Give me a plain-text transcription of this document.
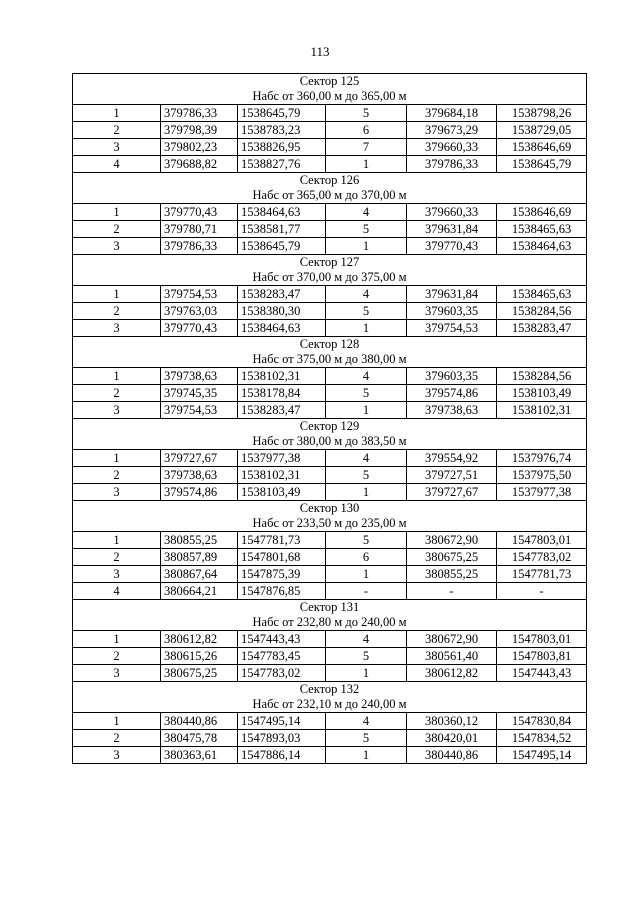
113
Сектор 125
Набс от 360,00 м до 365,00 м					

1	379786,33	1538645,79	5	379684,18	1538798,26
2	379798,39	1538783,23	6	379673,29	1538729,05
3	379802,23	1538826,95	7	379660,33	1538646,69
4	379688,82	1538827,76	1	379786,33	1538645,79

Сектор 126
Набс от 365,00 м до 370,00 м					

1	379770,43	1538464,63	4	379660,33	1538646,69
2	379780,71	1538581,77	5	379631,84	1538465,63
3	379786,33	1538645,79	1	379770,43	1538464,63

Сектор 127
Набс от 370,00 м до 375,00 м					

1	379754,53	1538283,47	4	379631,84	1538465,63
2	379763,03	1538380,30	5	379603,35	1538284,56
3	379770,43	1538464,63	1	379754,53	1538283,47

Сектор 128
Набс от 375,00 м до 380,00 м					

1	379738,63	1538102,31	4	379603,35	1538284,56
2	379745,35	1538178,84	5	379574,86	1538103,49
3	379754,53	1538283,47	1	379738,63	1538102,31

Сектор 129
Набс от 380,00 м до 383,50 м					

1	379727,67	1537977,38	4	379554,92	1537976,74
2	379738,63	1538102,31	5	379727,51	1537975,50
3	379574,86	1538103,49	1	379727,67	1537977,38

Сектор 130
Набс от 233,50 м до 235,00 м					

1	380855,25	1547781,73	5	380672,90	1547803,01
2	380857,89	1547801,68	6	380675,25	1547783,02
3	380867,64	1547875,39	1	380855,25	1547781,73
4	380664,21	1547876,85	-	-	-

Сектор 131
Набс от 232,80 м до 240,00 м					

1	380612,82	1547443,43	4	380672,90	1547803,01
2	380615,26	1547783,45	5	380561,40	1547803,81
3	380675,25	1547783,02	1	380612,82	1547443,43

Сектор 132
Набс от 232,10 м до 240,00 м					

1	380440,86	1547495,14	4	380360,12	1547830,84
2	380475,78	1547893,03	5	380420,01	1547834,52
3	380363,61	1547886,14	1	380440,86	1547495,14
